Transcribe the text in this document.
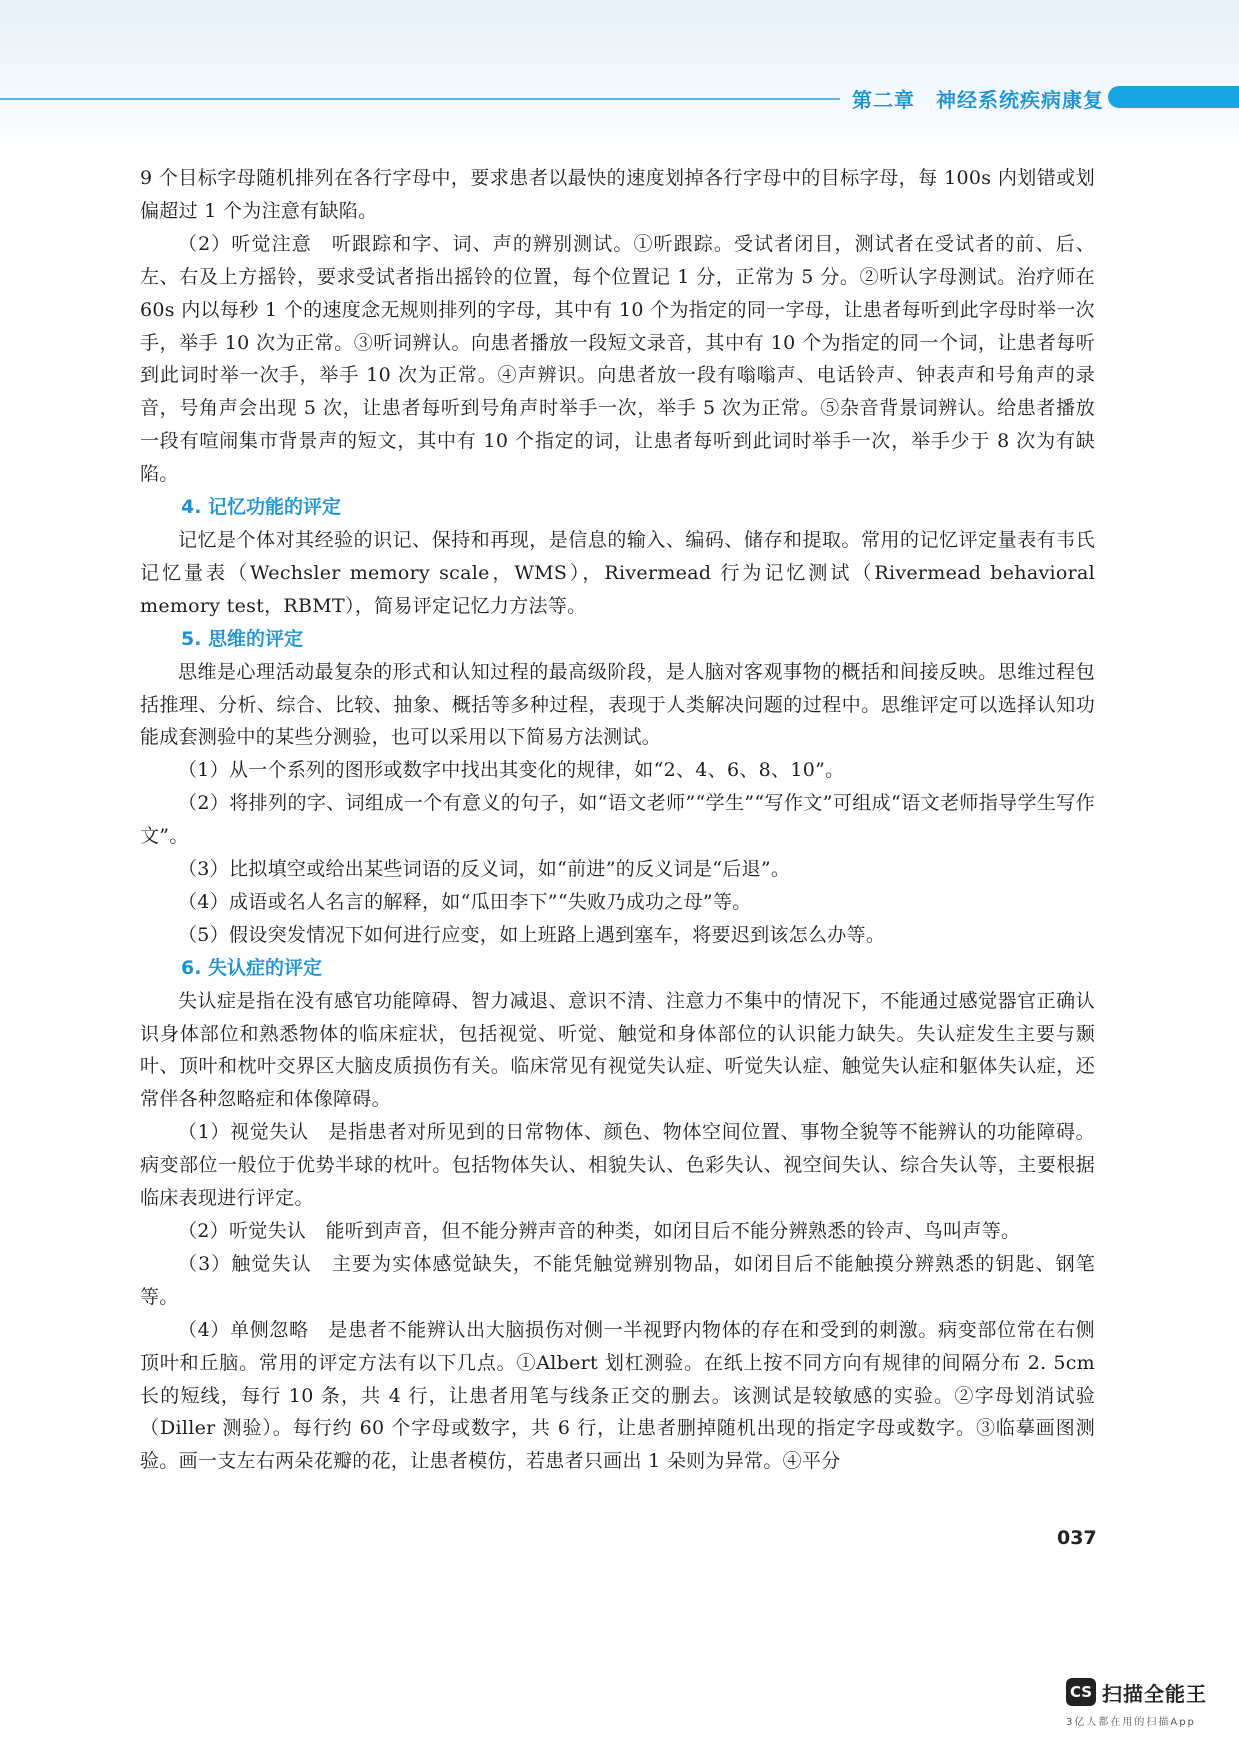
第二章　神经系统疾病康复

9 个目标字母随机排列在各行字母中，要求患者以最快的速度划掉各行字母中的目标字母，每 100s 内划错或划偏超过 1 个为注意有缺陷。

（2）听觉注意　听跟踪和字、词、声的辨别测试。①听跟踪。受试者闭目，测试者在受试者的前、后、左、右及上方摇铃，要求受试者指出摇铃的位置，每个位置记 1 分，正常为 5 分。②听认字母测试。治疗师在 60s 内以每秒 1 个的速度念无规则排列的字母，其中有 10 个为指定的同一字母，让患者每听到此字母时举一次手，举手 10 次为正常。③听词辨认。向患者播放一段短文录音，其中有 10 个为指定的同一个词，让患者每听到此词时举一次手，举手 10 次为正常。④声辨识。向患者放一段有嗡嗡声、电话铃声、钟表声和号角声的录音，号角声会出现 5 次，让患者每听到号角声时举手一次，举手 5 次为正常。⑤杂音背景词辨认。给患者播放一段有喧闹集市背景声的短文，其中有 10 个指定的词，让患者每听到此词时举手一次，举手少于 8 次为有缺陷。

4. 记忆功能的评定

记忆是个体对其经验的识记、保持和再现，是信息的输入、编码、储存和提取。常用的记忆评定量表有韦氏记忆量表（Wechsler memory scale，WMS），Rivermead 行为记忆测试（Rivermead behavioral memory test，RBMT），简易评定记忆力方法等。

5. 思维的评定

思维是心理活动最复杂的形式和认知过程的最高级阶段，是人脑对客观事物的概括和间接反映。思维过程包括推理、分析、综合、比较、抽象、概括等多种过程，表现于人类解决问题的过程中。思维评定可以选择认知功能成套测验中的某些分测验，也可以采用以下简易方法测试。

（1）从一个系列的图形或数字中找出其变化的规律，如“2、4、6、8、10”。

（2）将排列的字、词组成一个有意义的句子，如“语文老师”“学生”“写作文”可组成“语文老师指导学生写作文”。

（3）比拟填空或给出某些词语的反义词，如“前进”的反义词是“后退”。

（4）成语或名人名言的解释，如“瓜田李下”“失败乃成功之母”等。

（5）假设突发情况下如何进行应变，如上班路上遇到塞车，将要迟到该怎么办等。

6. 失认症的评定

失认症是指在没有感官功能障碍、智力减退、意识不清、注意力不集中的情况下，不能通过感觉器官正确认识身体部位和熟悉物体的临床症状，包括视觉、听觉、触觉和身体部位的认识能力缺失。失认症发生主要与颞叶、顶叶和枕叶交界区大脑皮质损伤有关。临床常见有视觉失认症、听觉失认症、触觉失认症和躯体失认症，还常伴各种忽略症和体像障碍。

（1）视觉失认　是指患者对所见到的日常物体、颜色、物体空间位置、事物全貌等不能辨认的功能障碍。病变部位一般位于优势半球的枕叶。包括物体失认、相貌失认、色彩失认、视空间失认、综合失认等，主要根据临床表现进行评定。

（2）听觉失认　能听到声音，但不能分辨声音的种类，如闭目后不能分辨熟悉的铃声、鸟叫声等。

（3）触觉失认　主要为实体感觉缺失，不能凭触觉辨别物品，如闭目后不能触摸分辨熟悉的钥匙、钢笔等。

（4）单侧忽略　是患者不能辨认出大脑损伤对侧一半视野内物体的存在和受到的刺激。病变部位常在右侧顶叶和丘脑。常用的评定方法有以下几点。①Albert 划杠测验。在纸上按不同方向有规律的间隔分布 2. 5cm 长的短线，每行 10 条，共 4 行，让患者用笔与线条正交的删去。该测试是较敏感的实验。②字母划消试验（Diller 测验）。每行约 60 个字母或数字，共 6 行，让患者删掉随机出现的指定字母或数字。③临摹画图测验。画一支左右两朵花瓣的花，让患者模仿，若患者只画出 1 朵则为异常。④平分

037
CS 扫描全能王
3亿人都在用的扫描App
